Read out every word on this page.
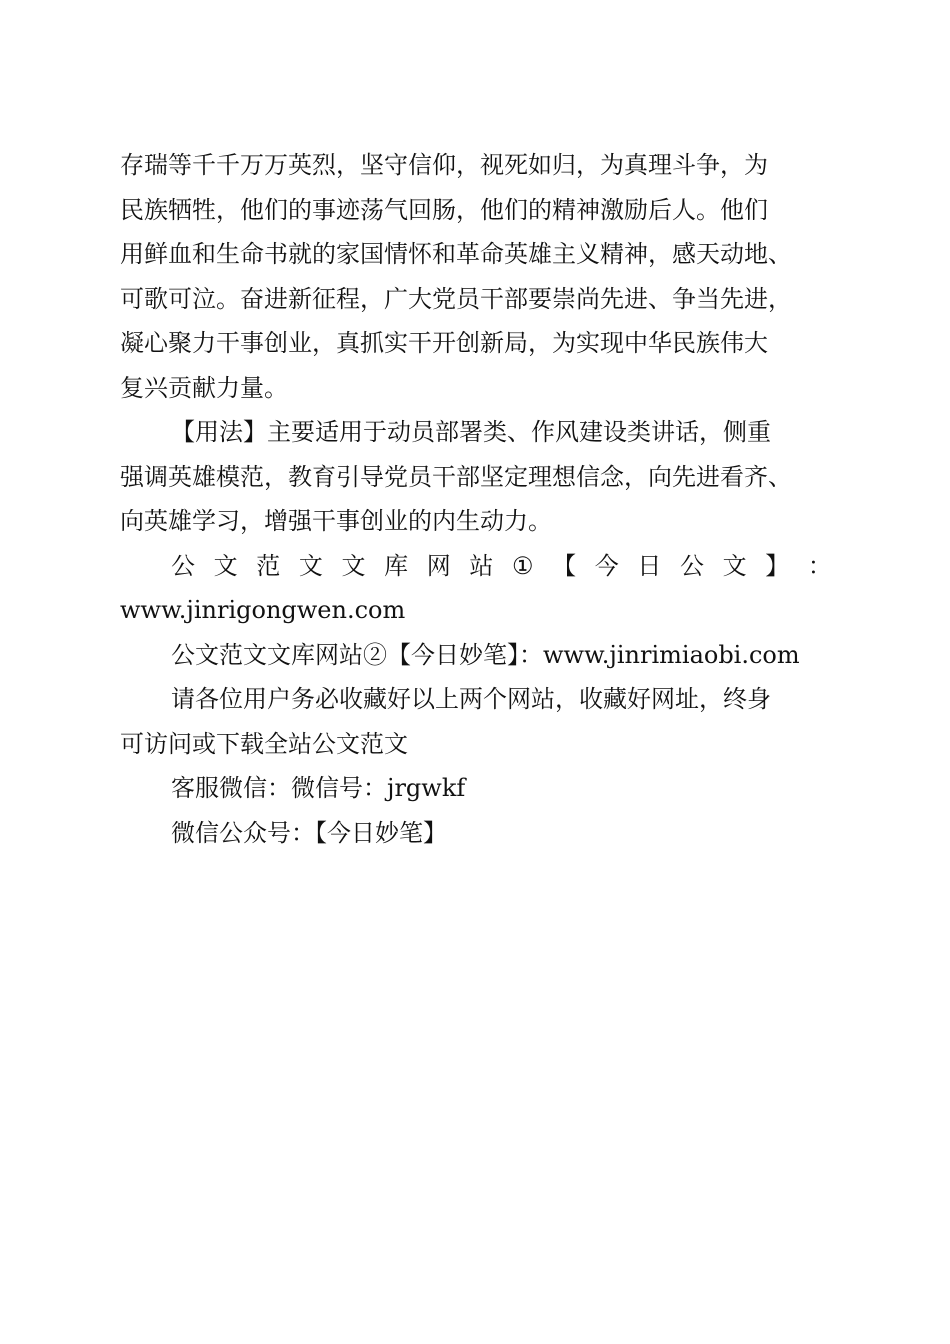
存瑞等千千万万英烈，坚守信仰，视死如归，为真理斗争，为
民族牺牲，他们的事迹荡气回肠，他们的精神激励后人。他们
用鲜血和生命书就的家国情怀和革命英雄主义精神，感天动地、
可歌可泣。奋进新征程，广大党员干部要崇尚先进、争当先进，
凝心聚力干事创业，真抓实干开创新局，为实现中华民族伟大
复兴贡献力量。
【用法】主要适用于动员部署类、作风建设类讲话，侧重
强调英雄模范，教育引导党员干部坚定理想信念，向先进看齐、
向英雄学习，增强干事创业的内生动力。
公 文 范 文 文 库 网 站 ① 【 今 日 公 文 】 ：
www.jinrigongwen.com
公文范文文库网站②【今日妙笔】：www.jinrimiaobi.com
请各位用户务必收藏好以上两个网站，收藏好网址，终身
可访问或下载全站公文范文
客服微信：微信号：jrgwkf
微信公众号：【今日妙笔】
